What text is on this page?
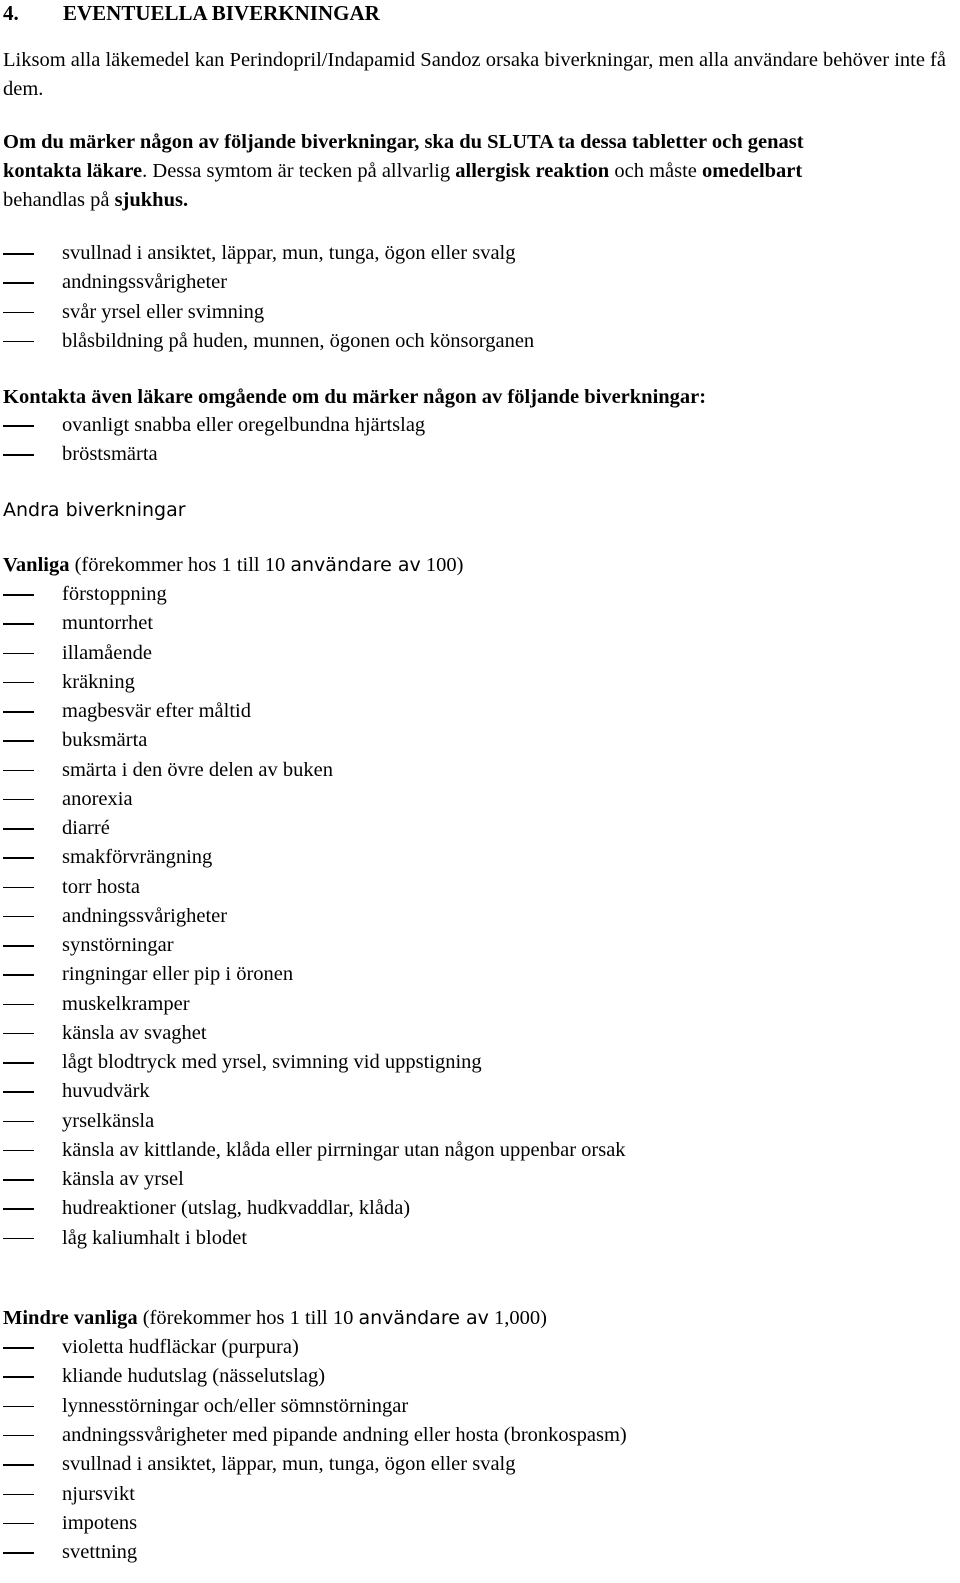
4. EVENTUELLA BIVERKNINGAR
Liksom alla läkemedel kan Perindopril/Indapamid Sandoz orsaka biverkningar, men alla användare behöver inte få dem.
Om du märker någon av följande biverkningar, ska du SLUTA ta dessa tabletter och genast
kontakta läkare. Dessa symtom är tecken på allvarlig allergisk reaktion och måste omedelbart
behandlas på sjukhus.
svullnad i ansiktet, läppar, mun, tunga, ögon eller svalg
andningssvårigheter
svår yrsel eller svimning
blåsbildning på huden, munnen, ögonen och könsorganen
Kontakta även läkare omgående om du märker någon av följande biverkningar:
ovanligt snabba eller oregelbundna hjärtslag
bröstsmärta
Andra biverkningar
Vanliga (förekommer hos 1 till 10 användare av 100)
förstoppning
muntorrhet
illamående
kräkning
magbesvär efter måltid
buksmärta
smärta i den övre delen av buken
anorexia
diarré
smakförvrängning
torr hosta
andningssvårigheter
synstörningar
ringningar eller pip i öronen
muskelkramper
känsla av svaghet
lågt blodtryck med yrsel, svimning vid uppstigning
huvudvärk
yrselkänsla
känsla av kittlande, klåda eller pirrningar utan någon uppenbar orsak
känsla av yrsel
hudreaktioner (utslag, hudkvaddlar, klåda)
låg kaliumhalt i blodet
Mindre vanliga (förekommer hos 1 till 10 användare av 1,000)
violetta hudfläckar (purpura)
kliande hudutslag (nässelutslag)
lynnesstörningar och/eller sömnstörningar
andningssvårigheter med pipande andning eller hosta (bronkospasm)
svullnad i ansiktet, läppar, mun, tunga, ögon eller svalg
njursvikt
impotens
svettning
